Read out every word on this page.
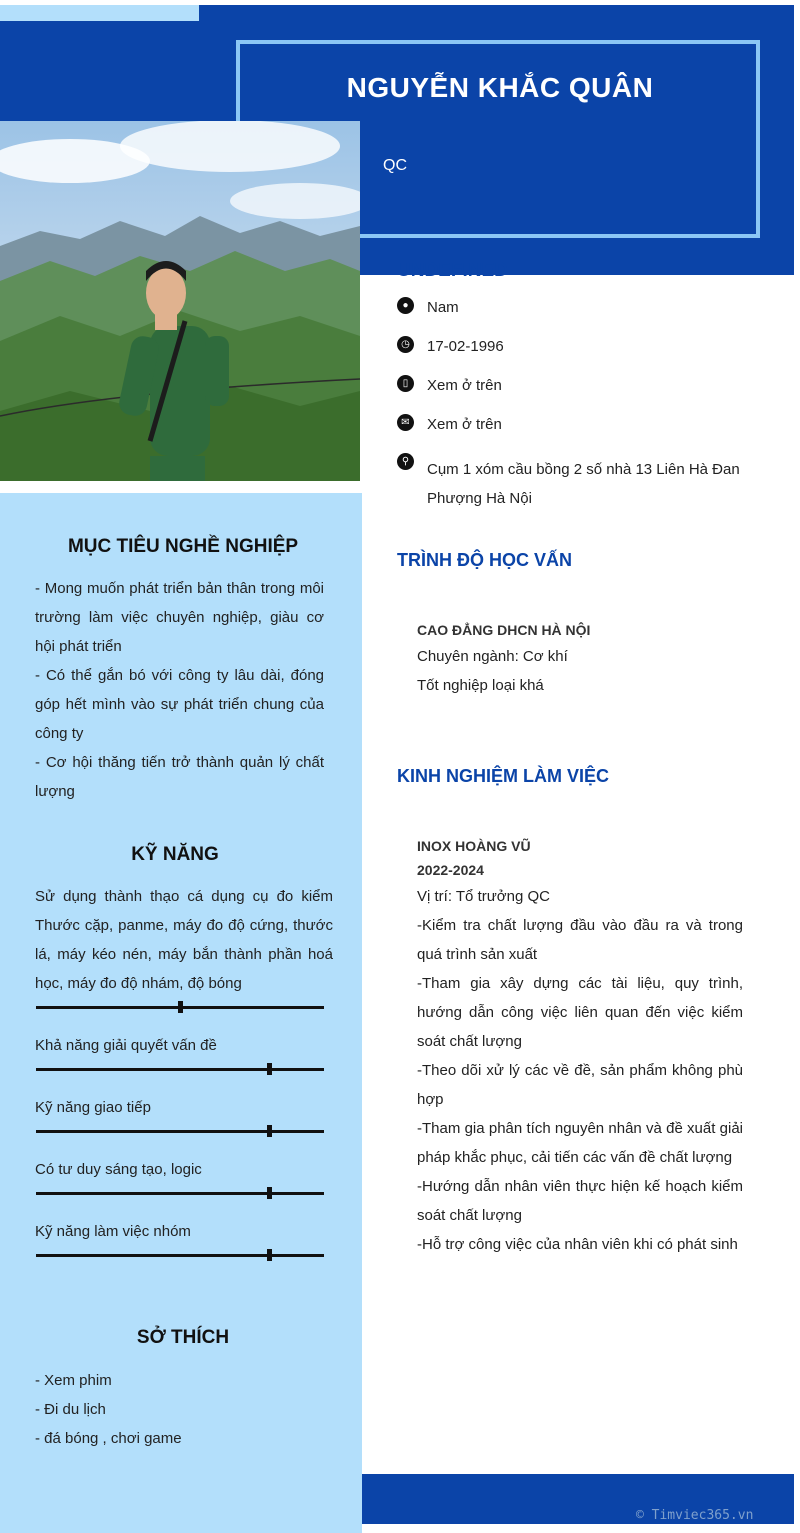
NGUYỄN KHẮC QUÂN
QC
MỤC TIÊU NGHỀ NGHIỆP
- Mong muốn phát triển bản thân trong môi trường làm việc chuyên nghiệp, giàu cơ hội phát triển
- Có thể gắn bó với công ty lâu dài, đóng góp hết mình vào sự phát triển chung của công ty
- Cơ hội thăng tiến trở thành quản lý chất lượng
KỸ NĂNG
Sử dụng thành thạo cá dụng cụ đo kiểm Thước cặp, panme, máy đo độ cứng, thước lá, máy kéo nén, máy bắn thành phần hoá học, máy đo độ nhám, độ bóng
Khả năng giải quyết vấn đề
Kỹ năng giao tiếp
Có tư duy sáng tạo, logic
Kỹ năng làm việc nhóm
SỞ THÍCH
- Xem phim
- Đi du lịch
- đá bóng , chơi game
UNDEFINED
●	Nam
◷ 17-02-1996
▯	Xem ở trên
✉ Xem ở trên
⚲	Cụm 1 xóm cầu bồng 2 số nhà 13 Liên Hà Đan Phượng Hà Nội
TRÌNH ĐỘ HỌC VẤN
CAO ĐẲNG DHCN HÀ NỘI
Chuyên ngành: Cơ khí
Tốt nghiệp loại khá
KINH NGHIỆM LÀM VIỆC
INOX HOÀNG VŨ
2022-2024
Vị trí: Tổ trưởng QC
-Kiểm tra chất lượng đầu vào đầu ra và trong quá trình sản xuất
-Tham gia xây dựng các tài liệu, quy trình, hướng dẫn công việc liên quan đến việc kiểm soát chất lượng
-Theo dõi xử lý các về đề, sản phẩm không phù hợp
-Tham gia phân tích nguyên nhân và đề xuất giải pháp khắc phục, cải tiến các vấn đề chất lượng
-Hướng dẫn nhân viên thực hiện kế hoạch kiểm soát chất lượng
-Hỗ trợ công việc của nhân viên khi có phát sinh
© Timviec365.vn
